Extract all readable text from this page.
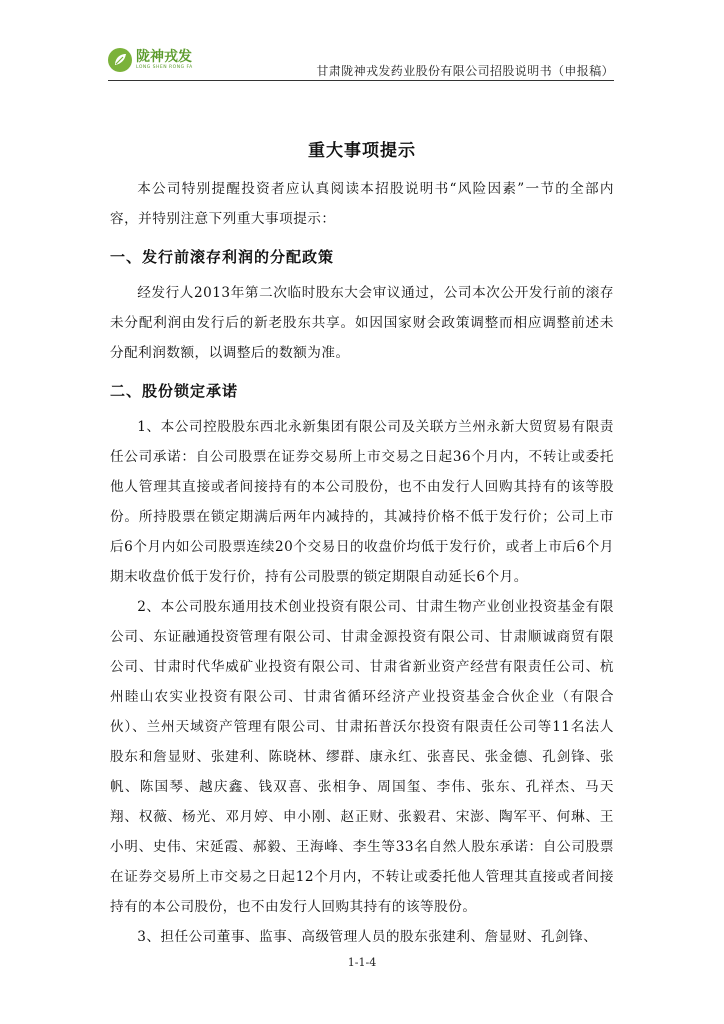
陇神戎发
LONG SHEN RONG FA	甘肃陇神戎发药业股份有限公司招股说明书（申报稿）
重大事项提示

本公司特别提醒投资者应认真阅读本招股说明书“风险因素”一节的全部内容，并特别注意下列重大事项提示：

一、发行前滚存利润的分配政策

经发行人2013年第二次临时股东大会审议通过，公司本次公开发行前的滚存未分配利润由发行后的新老股东共享。如因国家财会政策调整而相应调整前述未分配利润数额，以调整后的数额为准。

二、股份锁定承诺

1、本公司控股股东西北永新集团有限公司及关联方兰州永新大贸贸易有限责任公司承诺：自公司股票在证券交易所上市交易之日起36个月内，不转让或委托他人管理其直接或者间接持有的本公司股份，也不由发行人回购其持有的该等股份。所持股票在锁定期满后两年内减持的，其减持价格不低于发行价；公司上市后6个月内如公司股票连续20个交易日的收盘价均低于发行价，或者上市后6个月期末收盘价低于发行价，持有公司股票的锁定期限自动延长6个月。

2、本公司股东通用技术创业投资有限公司、甘肃生物产业创业投资基金有限公司、东证融通投资管理有限公司、甘肃金源投资有限公司、甘肃顺诚商贸有限公司、甘肃时代华威矿业投资有限公司、甘肃省新业资产经营有限责任公司、杭州睦山农实业投资有限公司、甘肃省循环经济产业投资基金合伙企业（有限合伙）、兰州天域资产管理有限公司、甘肃拓普沃尔投资有限责任公司等11名法人股东和詹显财、张建利、陈晓林、缪群、康永红、张喜民、张金德、孔剑锋、张帆、陈国琴、越庆鑫、钱双喜、张相争、周国玺、李伟、张东、孔祥杰、马天翔、权薇、杨光、邓月婷、申小刚、赵正财、张毅君、宋澎、陶军平、何琳、王小明、史伟、宋延霞、郝毅、王海峰、李生等33名自然人股东承诺：自公司股票在证券交易所上市交易之日起12个月内，不转让或委托他人管理其直接或者间接持有的本公司股份，也不由发行人回购其持有的该等股份。

3、担任公司董事、监事、高级管理人员的股东张建利、詹显财、孔剑锋、

1-1-4
